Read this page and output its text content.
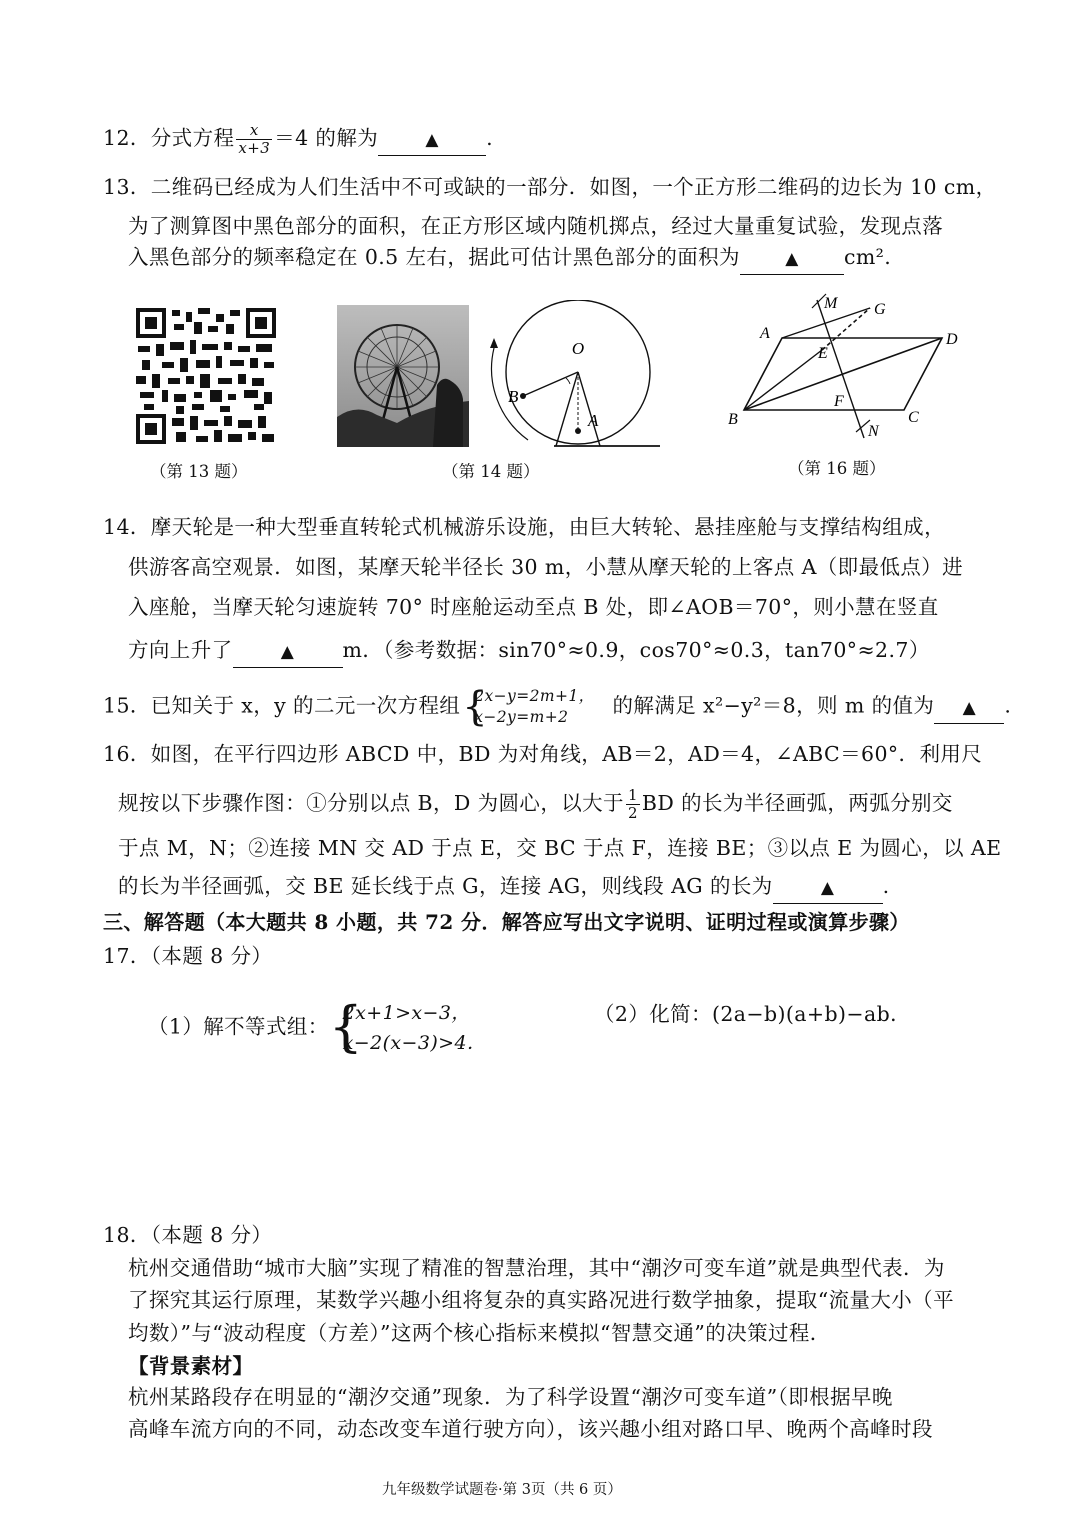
12．分式方程 $\frac{x}{x+3} =4$ 的解为	▲ .
13．二维码已经成为人们生活中不可或缺的一部分．如图，一个正方形二维码的边长为 10 cm，
为了测算图中黑色部分的面积，在正方形区域内随机掷点，经过大量重复试验，发现点落
入黑色部分的频率稳定在 0.5 左右，据此可估计黑色部分的面积为	▲ cm².
（第 13 题）
O
B
A
（第 14 题）
M G
A	D
E
B
F
C
N
（第 16 题）
14．摩天轮是一种大型垂直转轮式机械游乐设施，由巨大转轮、悬挂座舱与支撑结构组成，
供游客高空观景．如图，某摩天轮半径长 30 m，小慧从摩天轮的上客点 A（即最低点）进
入座舱，当摩天轮匀速旋转 70° 时座舱运动至点 B 处，即∠AOB＝70°，则小慧在竖直
方向上升了	▲ m．（参考数据：sin70°≈0.9，cos70°≈0.3，tan70°≈2.7）
15．已知关于 x，y 的二元一次方程组 {
2x−y=2m+1，
x−2y=m+2	的解满足 x²−y²＝8，则 m 的值为 ▲ .
16．如图，在平行四边形 ABCD 中，BD 为对角线，AB＝2，AD＝4，∠ABC＝60°．利用尺
规按以下步骤作图：①分别以点 B，D 为圆心，以大于 $\frac{1}{2}$ BD 的长为半径画弧，两弧分别交
于点 M，N；②连接 MN 交 AD 于点 E，交 BC 于点 F，连接 BE；③以点 E 为圆心，以 AE
的长为半径画弧，交 BE 延长线于点 G，连接 AG，则线段 AG 的长为	▲ .
三、解答题（本大题共 8 小题，共 72 分．解答应写出文字说明、证明过程或演算步骤）
17．（本题 8 分）
（1）解不等式组： {
2x+1>x−3，
x−2(x−3)>4．
（2）化简：(2a−b)(a+b)−ab．
18．（本题 8 分）
杭州交通借助“城市大脑”实现了精准的智慧治理，其中“潮汐可变车道”就是典型代表．为
了探究其运行原理，某数学兴趣小组将复杂的真实路况进行数学抽象，提取“流量大小（平
均数）”与“波动程度（方差）”这两个核心指标来模拟“智慧交通”的决策过程．
【背景素材】
杭州某路段存在明显的“潮汐交通”现象．为了科学设置“潮汐可变车道”（即根据早晚
高峰车流方向的不同，动态改变车道行驶方向），该兴趣小组对路口早、晚两个高峰时段
九年级数学试题卷·第 3页（共 6 页）
